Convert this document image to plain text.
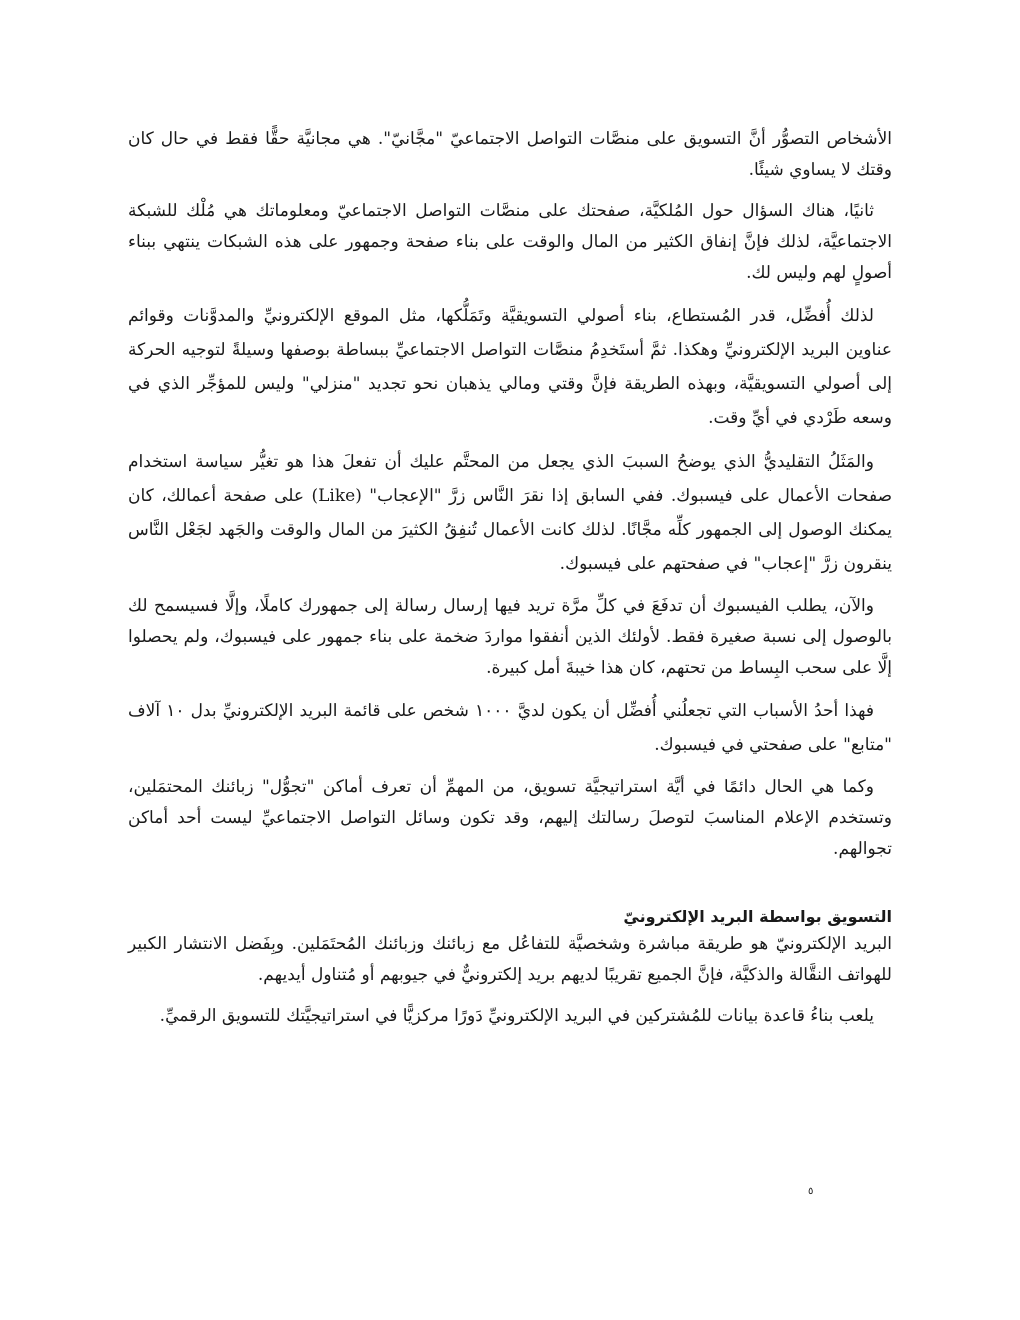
الأشخاص التصوُّر أنَّ التسويق على منصَّات التواصل الاجتماعيّ "مجَّانيّ". هي مجانيَّة حقًّا فقط في حال كان وقتك لا يساوي شيئًا.

ثانيًا، هناك السؤال حول المُلكيَّة، صفحتك على منصَّات التواصل الاجتماعيّ ومعلوماتك هي مُلْك للشبكة الاجتماعيَّة، لذلك فإنَّ إنفاق الكثير من المال والوقت على بناء صفحة وجمهور على هذه الشبكات ينتهي ببناء أصولٍ لهم وليس لك.

لذلك أُفضِّل، قدر المُستطاع، بناء أصولي التسويقيَّة وتَمَلُّكها، مثل الموقع الإلكترونيِّ والمدوَّنات وقوائم عناوين البريد الإلكترونيِّ وهكذا. ثمَّ أستَخدِمُ منصَّات التواصل الاجتماعيِّ ببساطة بوصفها وسيلةً لتوجيه الحركة إلى أصولي التسويقيَّة، وبهذه الطريقة فإنَّ وقتي ومالي يذهبان نحو تجديد "منزلي" وليس للمؤجِّر الذي في وسعه طَرْدي في أيِّ وقت.

والمَثَلُ التقليديُّ الذي يوضحُ السببَ الذي يجعل من المحتَّم عليك أن تفعلَ هذا هو تغيُّر سياسة استخدام صفحات الأعمال على فيسبوك. ففي السابق إذا نقرَ النَّاس زرَّ "الإعجاب" (Like) على صفحة أعمالك، كان يمكنك الوصول إلى الجمهور كلِّه مجَّانًا. لذلك كانت الأعمال تُنفِقُ الكثيرَ من المال والوقت والجَهد لجَعْل النَّاس ينقرون زرَّ "إعجاب" في صفحتهم على فيسبوك.

والآن، يطلب الفيسبوك أن تدفَعَ في كلِّ مرَّة تريد فيها إرسال رسالة إلى جمهورك كاملًا، وإلَّا فسيسمح لك بالوصول إلى نسبة صغيرة فقط. لأولئك الذين أنفقوا مواردَ ضخمة على بناء جمهور على فيسبوك، ولم يحصلوا إلَّا على سحب البِساط من تحتهم، كان هذا خيبةَ أمل كبيرة.

فهذا أحدُ الأسباب التي تجعلُني أُفضِّل أن يكون لديَّ ١٠٠٠ شخص على قائمة البريد الإلكترونيِّ بدل ١٠ آلاف "متابع" على صفحتي في فيسبوك.

وكما هي الحال دائمًا في أيَّة استراتيجيَّة تسويق، من المهمِّ أن تعرف أماكن "تجوُّل" زبائنك المحتمَلين، وتستخدم الإعلام المناسبَ لتوصلَ رسالتك إليهم، وقد تكون وسائل التواصل الاجتماعيِّ ليست أحد أماكن تجوالهم.

التسويق بواسطة البريد الإلكترونيّ

البريد الإلكترونيّ هو طريقة مباشرة وشخصيَّة للتفاعُل مع زبائنك وزبائنك المُحتَمَلين. وبِفَضل الانتشار الكبير للهواتف النقَّالة والذكيَّة، فإنَّ الجميع تقريبًا لديهم بريد إلكترونيٌّ في جيوبهم أو مُتناول أيديهم.

يلعب بناءُ قاعدة بيانات للمُشتركين في البريد الإلكترونيِّ دَورًا مركزيًّا في استراتيجيَّتك للتسويق الرقميِّ.

٥
